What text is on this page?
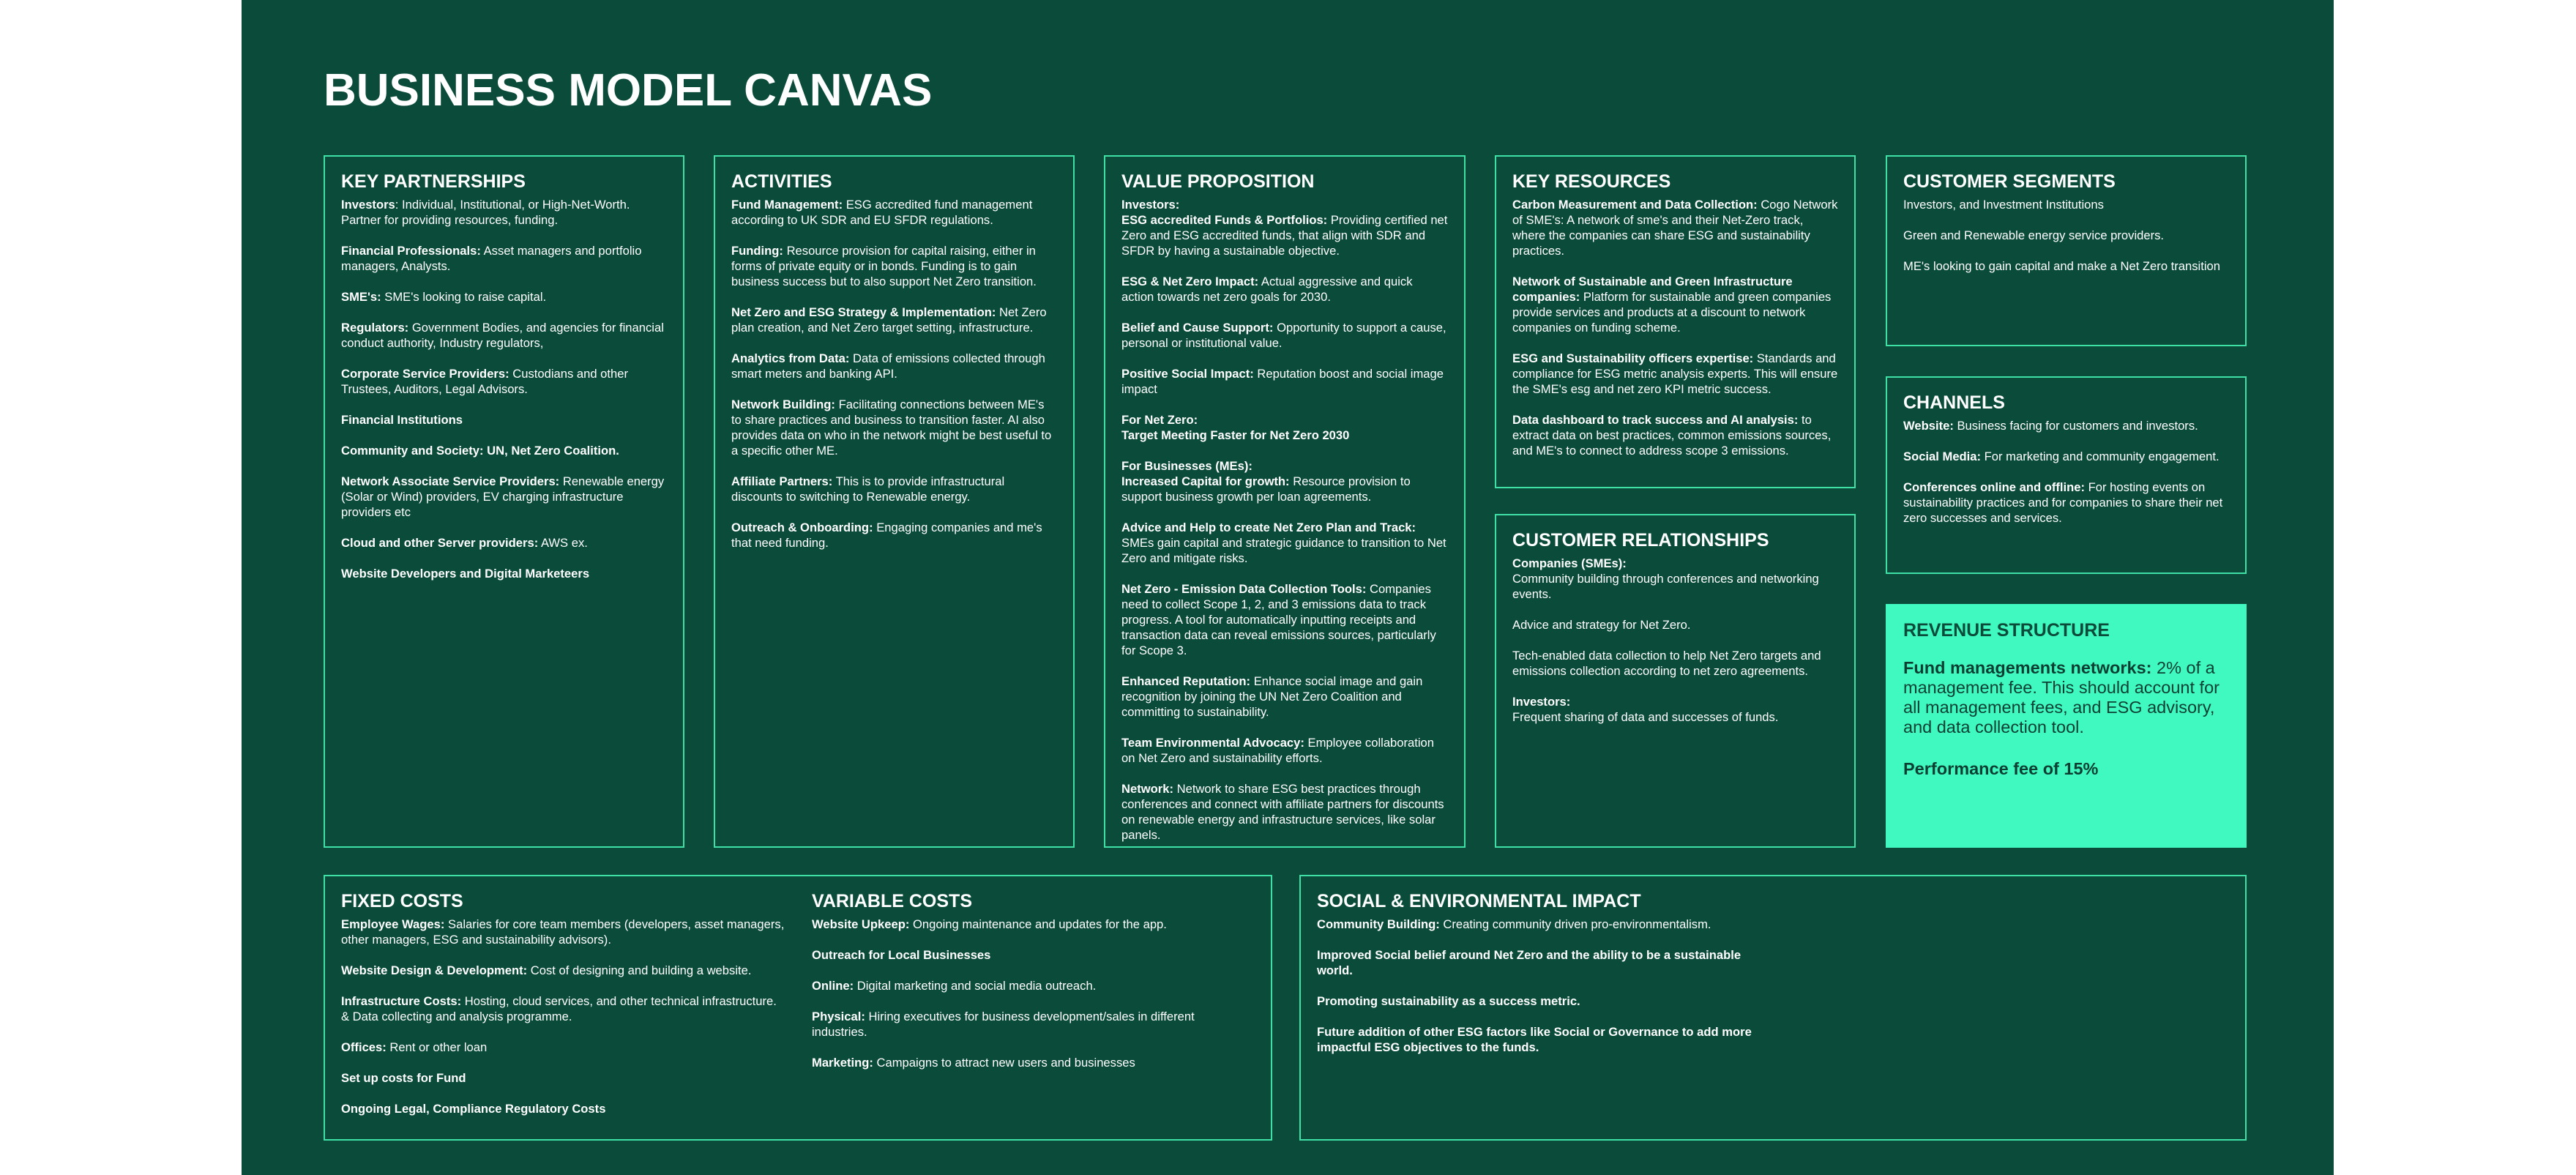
BUSINESS MODEL CANVAS
KEY PARTNERSHIPS

Investors: Individual, Institutional, or High-Net-Worth. Partner for providing resources, funding.

Financial Professionals: Asset managers and portfolio managers, Analysts.

SME's: SME's looking to raise capital.

Regulators: Government Bodies, and agencies for financial conduct authority, Industry regulators,

Corporate Service Providers: Custodians and other Trustees, Auditors, Legal Advisors.

Financial Institutions

Community and Society: UN, Net Zero Coalition.

Network Associate Service Providers: Renewable energy (Solar or Wind) providers, EV charging infrastructure providers etc

Cloud and other Server providers: AWS ex.

Website Developers and Digital Marketeers

ACTIVITIES

Fund Management: ESG accredited fund management according to UK SDR and EU SFDR regulations.

Funding: Resource provision for capital raising, either in forms of private equity or in bonds. Funding is to gain business success but to also support Net Zero transition.

Net Zero and ESG Strategy & Implementation: Net Zero plan creation, and Net Zero target setting, infrastructure.

Analytics from Data: Data of emissions collected through smart meters and banking API.

Network Building: Facilitating connections between ME's to share practices and business to transition faster. AI also provides data on who in the network might be best useful to a specific other ME.

Affiliate Partners: This is to provide infrastructural discounts to switching to Renewable energy.

Outreach & Onboarding: Engaging companies and me's that need funding.

VALUE PROPOSITION

Investors:
ESG accredited Funds & Portfolios: Providing certified net Zero and ESG accredited funds, that align with SDR and SFDR by having a sustainable objective.

ESG & Net Zero Impact: Actual aggressive and quick action towards net zero goals for 2030.

Belief and Cause Support: Opportunity to support a cause, personal or institutional value.

Positive Social Impact: Reputation boost and social image impact

For Net Zero:
Target Meeting Faster for Net Zero 2030

For Businesses (MEs):
Increased Capital for growth: Resource provision to support business growth per loan agreements.

Advice and Help to create Net Zero Plan and Track: SMEs gain capital and strategic guidance to transition to Net Zero and mitigate risks.

Net Zero - Emission Data Collection Tools: Companies need to collect Scope 1, 2, and 3 emissions data to track progress. A tool for automatically inputting receipts and transaction data can reveal emissions sources, particularly for Scope 3.

Enhanced Reputation: Enhance social image and gain recognition by joining the UN Net Zero Coalition and committing to sustainability.

Team Environmental Advocacy: Employee collaboration on Net Zero and sustainability efforts.

Network: Network to share ESG best practices through conferences and connect with affiliate partners for discounts on renewable energy and infrastructure services, like solar panels.

KEY RESOURCES

Carbon Measurement and Data Collection: Cogo Network of SME's: A network of sme's and their Net-Zero track, where the companies can share ESG and sustainability practices.

Network of Sustainable and Green Infrastructure companies: Platform for sustainable and green companies provide services and products at a discount to network companies on funding scheme.

ESG and Sustainability officers expertise: Standards and compliance for ESG metric analysis experts. This will ensure the SME's esg and net zero KPI metric success.

Data dashboard to track success and AI analysis: to extract data on best practices, common emissions sources, and ME's to connect to address scope 3 emissions.

CUSTOMER RELATIONSHIPS

Companies (SMEs):
Community building through conferences and networking events.

Advice and strategy for Net Zero.

Tech-enabled data collection to help Net Zero targets and emissions collection according to net zero agreements.

Investors:
Frequent sharing of data and successes of funds.

CUSTOMER SEGMENTS

Investors, and Investment Institutions

Green and Renewable energy service providers.

ME's looking to gain capital and make a Net Zero transition

CHANNELS

Website: Business facing for customers and investors.

Social Media: For marketing and community engagement.

Conferences online and offline: For hosting events on sustainability practices and for companies to share their net zero successes and services.

REVENUE STRUCTURE

Fund managements networks: 2% of a management fee. This should account for all management fees, and ESG advisory, and data collection tool.

Performance fee of 15%

FIXED COSTS

Employee Wages: Salaries for core team members (developers, asset managers, other managers, ESG and sustainability advisors).

Website Design & Development: Cost of designing and building a website.

Infrastructure Costs: Hosting, cloud services, and other technical infrastructure. & Data collecting and analysis programme.

Offices: Rent or other loan

Set up costs for Fund

Ongoing Legal, Compliance Regulatory Costs

VARIABLE COSTS

Website Upkeep: Ongoing maintenance and updates for the app.

Outreach for Local Businesses

Online: Digital marketing and social media outreach.

Physical: Hiring executives for business development/sales in different industries.

Marketing: Campaigns to attract new users and businesses

SOCIAL & ENVIRONMENTAL IMPACT

Community Building: Creating community driven pro-environmentalism.

Improved Social belief around Net Zero and the ability to be a sustainable world.

Promoting sustainability as a success metric.

Future addition of other ESG factors like Social or Governance to add more impactful ESG objectives to the funds.
